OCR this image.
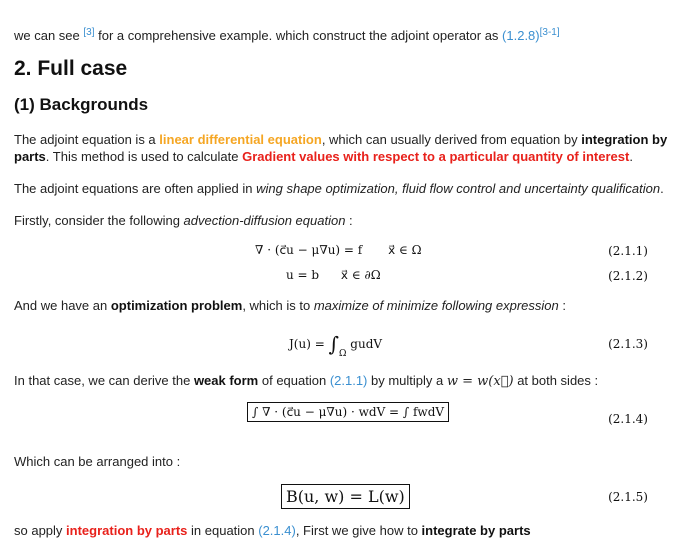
we can see [3] for a comprehensive example. which construct the adjoint operator as (1.2.8)[3-1]

2. Full case
(1) Backgrounds

The adjoint equation is a linear differential equation, which can usually derived from equation by integration by
parts. This method is used to calculate Gradient values with respect to a particular quantity of interest.

The adjoint equations are often applied in wing shape optimization, fluid flow control and uncertainty qualification.

Firstly, consider the following advection-diffusion equation :

∇ · (c⃗u − μ∇u) = f x⃗ ∈ Ω	(2.1.1)
u = b x⃗ ∈ ∂Ω	(2.1.2)

And we have an optimization problem, which is to maximize of minimize following expression :

$J(u) = \int_\Omega$ gudV	(2.1.3)

In that case, we can derive the weak form of equation (2.1.1) by multiply a w = w(x⃗) at both sides :

∫ ∇ · (c⃗u − μ∇u) · wdV = ∫ fwdV	(2.1.4)

Which can be arranged into :

B(u, w) = L(w)	(2.1.5)

so apply integration by parts in equation (2.1.4), First we give how to integrate by parts
